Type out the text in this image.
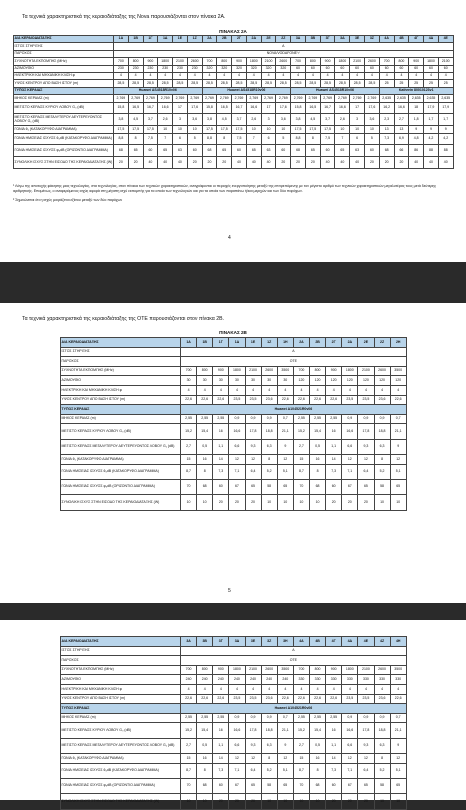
Τα τεχνικά χαρακτηριστικά της κεραιοδιάταξης της Nova παρουσιάζονται στον πίνακα 2Α.
ΠΙΝΑΚΑΣ 2Α
Α/Α ΚΕΡΑΙΟΔΙΑΤΑΞΗΣ	1Α	1Β	1Γ	1Δ	1Ε	1Ζ	2Α	2Β	2Γ	2Δ	2Ε	2Ζ	3Α	3Β	3Γ	3Δ	3Ε	3Ζ	4Α	4Β	4Γ	4Δ	4Ε
ΙΣΤΟΣ ΣΤΗΡΙΞΗΣ	Α																						
ΠΑΡΟΧΟΣ	NOVA/VODAFONE⁽¹⁾																						
ΣΥΧΝΟΤΗΤΑ ΕΚΠΟΜΠΗΣ (MHz)	700	800	900	1800	2100	2600	700	800	900	1800	2100	2600	700	800	900	1800	2100	2600	700	800	900	1800	2100
ΑΖΙΜΟΥΘΙΟ	230	230	230	230	230	230	320	320	320	320	320	320	60	60	60	60	60	60	60	60	60	60	60
ΗΛΕΚΤΡΙΚΗ ΚΑΙ ΜΗΧΑΝΙΚΗ ΚΛΙΣΗ φ	4	4	4	4	4	4	4	4	4	4	4	4	4	4	4	4	4	4	4	4	4	4	4
ΥΨΟΣ ΚΕΝΤΡΟΥ ΑΠΟ ΒΑΣΗ ΙΣΤΟΥ (m)	28,5	28,5	28,5	28,5	28,5	28,5	28,5	28,5	28,5	28,5	28,5	28,5	28,5	28,5	28,5	28,5	28,5	28,5	25	25	25	25	25
ΤΥΠΟΣ ΚΕΡΑΙΑΣ	Huawei AS4518R10v06						Huawei AS4518R10v06						Huawei AS4518R10v06						Kathrein 80010123v1				
ΜΗΚΟΣ ΚΕΡΑΙΑΣ (m)	2,769	2,769	2,769	2,769	2,769	2,769	2,769	2,769	2,769	2,769	2,769	2,769	2,769	2,769	2,769	2,769	2,769	2,769	2,635	2,635	2,635	2,635	2,635
ΜΕΓΙΣΤΟ ΚΕΡΔΟΣ ΚΥΡΙΟΥ ΛΟΒΟΥ G₀ (dB)	15,8	16,5	16,7	16,6	17	17,6	15,8	16,5	16,7	16,6	17	17,6	15,8	16,5	16,7	16,6	17	17,6	16,2	16,6	18	17,9	17,9
ΜΕΓΙΣΤΟ ΚΕΡΔΟΣ ΜΕΓΑΛΥΤΕΡΟΥ ΔΕΥΤΕΡΕΥΟΝΤΟΣ ΛΟΒΟΥ G₁ (dB)	3,8	4,5	3,7	2,6	3	3,6	3,8	4,5	3,7	2,6	3	3,6	3,8	4,5	3,7	2,6	3	3,6	2,3	2,7	1,8	1,7	1,7
ΓΩΝΙΑ θ₁ (ΚΑΤΑΚΟΡΥΦΟ ΔΙΑΓΡΑΜΜΑ)	17,5	17,5	17,5	10	10	10	17,5	17,5	17,5	10	10	10	17,5	17,5	17,5	10	10	10	13	13	9	9	9
ΓΩΝΙΑ ΗΜΙΣΕΙΑΣ ΙΣΧΥΟΣ θ₃dB (ΚΑΤΑΚΟΡΥΦΟ ΔΙΑΓΡΑΜΜΑ)	8,8	8	7,5	7	6	5	8,8	8	7,5	7	6	5	8,8	8	7,5	7	6	5	7,3	6,9	4,8	4,2	4,2
ΓΩΝΙΑ ΗΜΙΣΕΙΑΣ ΙΣΧΥΟΣ φ₃dB (ΟΡΙΖΟΝΤΙΟ ΔΙΑΓΡΑΜΜΑ)	68	65	60	65	63	60	68	65	60	65	63	60	68	65	60	65	63	60	68	66	86	88	88
ΣΥΝΟΛΙΚΗ ΙΣΧΥΣ ΣΤΗΝ ΕΙΣΟΔΟ ΤΗΣ ΚΕΡΑΙΟΔΙΑΤΑΞΗΣ (W)	20	20	40	40	40	20	20	20	40	40	40	20	20	20	40	40	40	20	20	20	40	40	40
¹ Λόγω της αποτυχής φάκησης μιας τεχνολογίας, στα τεχνολογίας, στον πίνακα των τεχνικών χαρακτηριστικών, αναγράφονται οι περιοχές ενεργοποίησης μεταξύ της επιτρεπόμενης με τον μέγιστο αριθμό των τεχνικών χαρακτηριστικών μεγαλυτέρας τους μετά δεύτερης αριθμητικής. Επομένως, ο αναφερόμενος ισχύς αφορά στη μέγιστη ισχύ εκπομπής για τα οποία των τεχνολογιών και για τα οποία των παραπάνω ή/και μεριχών και των δύο παρόχων.
² Σημειώνεται ότι η ισχύς μοιράζεται εξίσου μεταξύ των δύο παρόχων
4
Τα τεχνικά χαρακτηριστικά της κεραιοδιάταξης της ΟΤΕ παρουσιάζονται στον πίνακα 2Β.
ΠΙΝΑΚΑΣ 2Β
Α/Α ΚΕΡΑΙΟΔΙΑΤΑΞΗΣ	1Α	1Β	1Γ	1Δ	1Ε	1Ζ	1Η	2Α	2Β	2Γ	2Δ	2Ε	2Ζ	2Η
ΙΣΤΟΣ ΣΤΗΡΙΞΗΣ	Α													
ΠΑΡΟΧΟΣ	ΟΤΕ													
ΣΥΧΝΟΤΗΤΑ ΕΚΠΟΜΠΗΣ (MHz)	700	800	900	1800	2100	2600	3500	700	800	900	1800	2100	2600	3500
ΑΖΙΜΟΥΘΙΟ	30	30	30	30	30	30	30	120	120	120	120	120	120	120
ΗΛΕΚΤΡΙΚΗ ΚΑΙ ΜΗΧΑΝΙΚΗ ΚΛΙΣΗ φ	4	4	4	4	4	4	4	4	4	4	4	4	4	4
ΥΨΟΣ ΚΕΝΤΡΟΥ ΑΠΟ ΒΑΣΗ ΙΣΤΟΥ (m)	22,6	22,6	22,6	23,5	23,5	23,6	22,6	22,6	22,6	22,6	23,5	23,5	23,6	22,6
ΤΥΠΟΣ ΚΕΡΑΙΑΣ	Huawei A104521R0v06													
ΜΗΚΟΣ ΚΕΡΑΙΑΣ (m)	2,55	2,55	2,55	0,9	0,9	0,9	0,7	2,55	2,55	2,55	0,9	0,9	0,9	0,7
ΜΕΓΙΣΤΟ ΚΕΡΔΟΣ ΚΥΡΙΟΥ ΛΟΒΟΥ G₀ (dB)	15,2	15,4	16	16,6	17,8	18,8	21,1	15,2	15,4	16	16,6	17,8	18,8	21,1
ΜΕΓΙΣΤΟ ΚΕΡΔΟΣ ΜΕΓΑΛΥΤΕΡΟΥ ΔΕΥΤΕΡΕΥΟΝΤΟΣ ΛΟΒΟΥ G₁ (dB)	2,7	0,5	1,1	6,6	9,3	6,3	9	2,7	0,5	1,1	6,6	9,3	6,3	9
ΓΩΝΙΑ θ₁ (ΚΑΤΑΚΟΡΥΦΟ ΔΙΑΓΡΑΜΜΑ)	15	16	14	12	12	8	12	15	16	14	12	12	8	12
ΓΩΝΙΑ ΗΜΙΣΕΙΑΣ ΙΣΧΥΟΣ θ₃dB (ΚΑΤΑΚΟΡΥΦΟ ΔΙΑΓΡΑΜΜΑ)	8,7	8	7,3	7,1	6,4	5,2	5,1	8,7	8	7,3	7,1	6,4	5,2	5,1
ΓΩΝΙΑ ΗΜΙΣΕΙΑΣ ΙΣΧΥΟΣ φ₃dB (ΟΡΙΖΟΝΤΙΟ ΔΙΑΓΡΑΜΜΑ)	70	68	60	67	65	58	65	70	68	60	67	65	58	65
ΣΥΝΟΛΙΚΗ ΙΣΧΥΣ ΣΤΗΝ ΕΙΣΟΔΟ ΤΗΣ ΚΕΡΑΙΟΔΙΑΤΑΞΗΣ (W)	10	10	20	20	20	10	10	10	10	20	20	20	10	10
5
Α/Α ΚΕΡΑΙΟΔΙΑΤΑΞΗΣ	3Α	3Β	3Γ	3Δ	3Ε	3Ζ	3Η	4Α	4Β	4Γ	4Δ	4Ε	4Ζ	4Η
ΙΣΤΟΣ ΣΤΗΡΙΞΗΣ	Α													
ΠΑΡΟΧΟΣ	ΟΤΕ													
ΣΥΧΝΟΤΗΤΑ ΕΚΠΟΜΠΗΣ (MHz)	700	800	900	1800	2100	2600	3500	700	800	900	1800	2100	2600	3500
ΑΖΙΜΟΥΘΙΟ	240	240	240	240	240	240	240	330	330	330	330	330	330	330
ΗΛΕΚΤΡΙΚΗ ΚΑΙ ΜΗΧΑΝΙΚΗ ΚΛΙΣΗ φ	4	4	4	4	4	4	4	4	4	4	4	4	4	4
ΥΨΟΣ ΚΕΝΤΡΟΥ ΑΠΟ ΒΑΣΗ ΙΣΤΟΥ (m)	22,6	22,6	22,6	23,5	23,5	23,6	22,6	22,6	22,6	22,6	23,5	23,5	23,6	22,6
ΤΥΠΟΣ ΚΕΡΑΙΑΣ	Huawei A104521R0v06													
ΜΗΚΟΣ ΚΕΡΑΙΑΣ (m)	2,55	2,55	2,55	0,9	0,9	0,9	0,7	2,55	2,55	2,55	0,9	0,9	0,9	0,7
ΜΕΓΙΣΤΟ ΚΕΡΔΟΣ ΚΥΡΙΟΥ ΛΟΒΟΥ G₀ (dB)	15,2	15,4	16	16,6	17,8	18,8	21,1	15,2	15,4	16	16,6	17,8	18,8	21,1
ΜΕΓΙΣΤΟ ΚΕΡΔΟΣ ΜΕΓΑΛΥΤΕΡΟΥ ΔΕΥΤΕΡΕΥΟΝΤΟΣ ΛΟΒΟΥ G₁ (dB)	2,7	0,5	1,1	6,6	9,3	6,3	9	2,7	0,5	1,1	6,6	9,3	6,3	9
ΓΩΝΙΑ θ₁ (ΚΑΤΑΚΟΡΥΦΟ ΔΙΑΓΡΑΜΜΑ)	15	16	14	12	12	8	12	15	16	14	12	12	8	12
ΓΩΝΙΑ ΗΜΙΣΕΙΑΣ ΙΣΧΥΟΣ θ₃dB (ΚΑΤΑΚΟΡΥΦΟ ΔΙΑΓΡΑΜΜΑ)	8,7	8	7,3	7,1	6,4	5,2	5,1	8,7	8	7,3	7,1	6,4	5,2	5,1
ΓΩΝΙΑ ΗΜΙΣΕΙΑΣ ΙΣΧΥΟΣ φ₃dB (ΟΡΙΖΟΝΤΙΟ ΔΙΑΓΡΑΜΜΑ)	70	68	60	67	65	58	65	70	68	60	67	65	58	65
ΣΥΝΟΛΙΚΗ ΙΣΧΥΣ ΣΤΗΝ ΕΙΣΟΔΟ ΤΗΣ ΚΕΡΑΙΟΔΙΑΤΑΞΗΣ (W)	10	10	20	20	20	10	10	10	10	20	20	20	10	10
